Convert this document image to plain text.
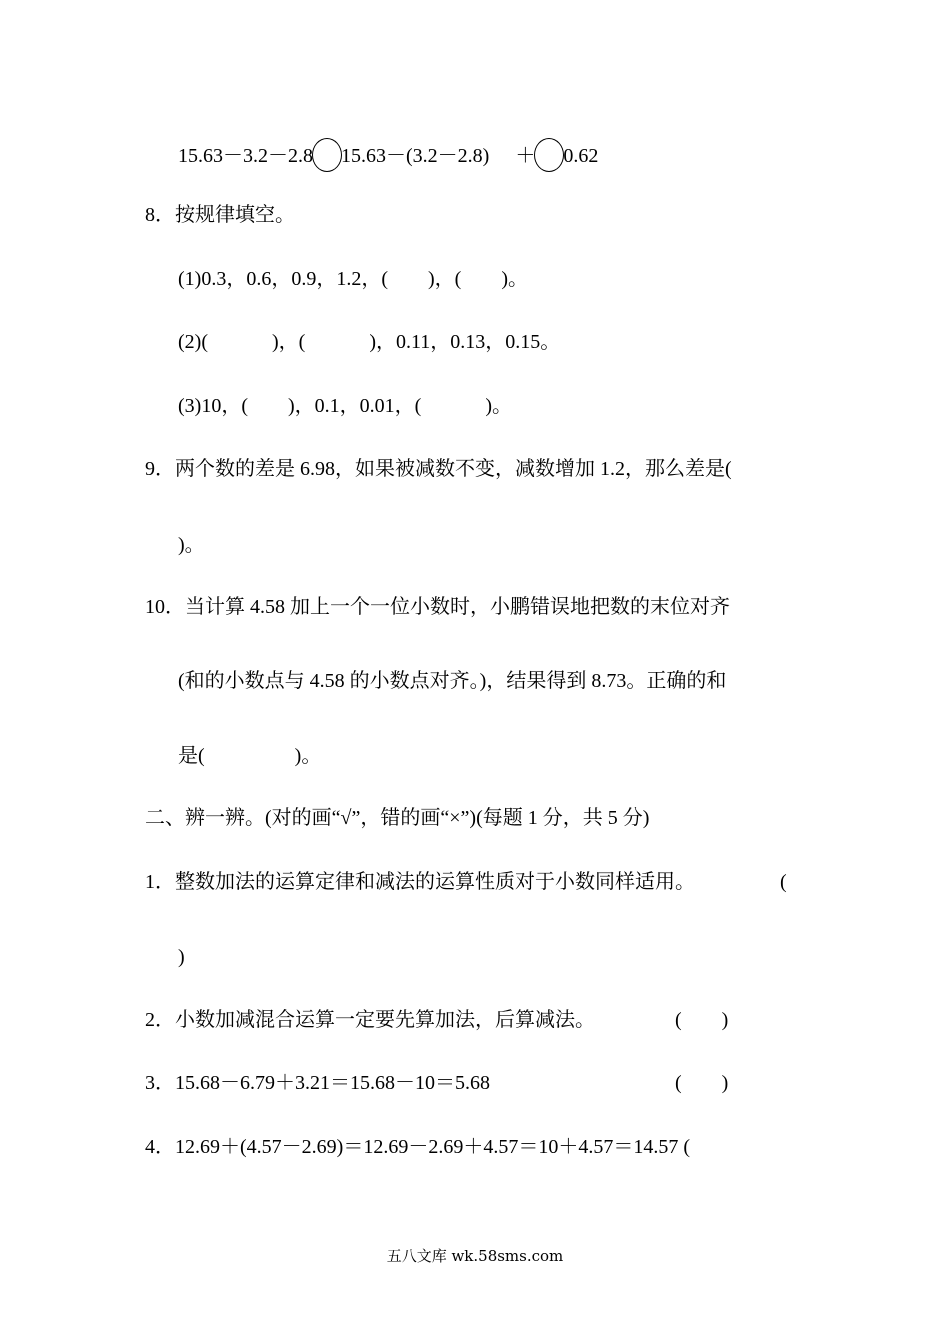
15.63－3.2－2.8 15.63－(3.2－2.8) ＋ 0.62
8．按规律填空。
(1)0.3，0.6，0.9，1.2，( )，( )。
(2)(	)，(	)，0.11，0.13，0.15。
(3)10，( )，0.1，0.01，(	)。
9．两个数的差是 6.98，如果被减数不变，减数增加 1.2，那么差是(
)。
10．当计算 4.58 加上一个一位小数时，小鹏错误地把数的末位对齐
(和的小数点与 4.58 的小数点对齐。)，结果得到 8.73。正确的和
是(	)。
二、辨一辨。(对的画“√”，错的画“×”)(每题 1 分，共 5 分)
1．整数加法的运算定律和减法的运算性质对于小数同样适用。	(
)
2．小数加减混合运算一定要先算加法，后算减法。	( )
3．15.68－6.79＋3.21＝15.68－10＝5.68	( )
4．12.69＋(4.57－2.69)＝12.69－2.69＋4.57＝10＋4.57＝14.57 (
五八文库 wk.58sms.com
